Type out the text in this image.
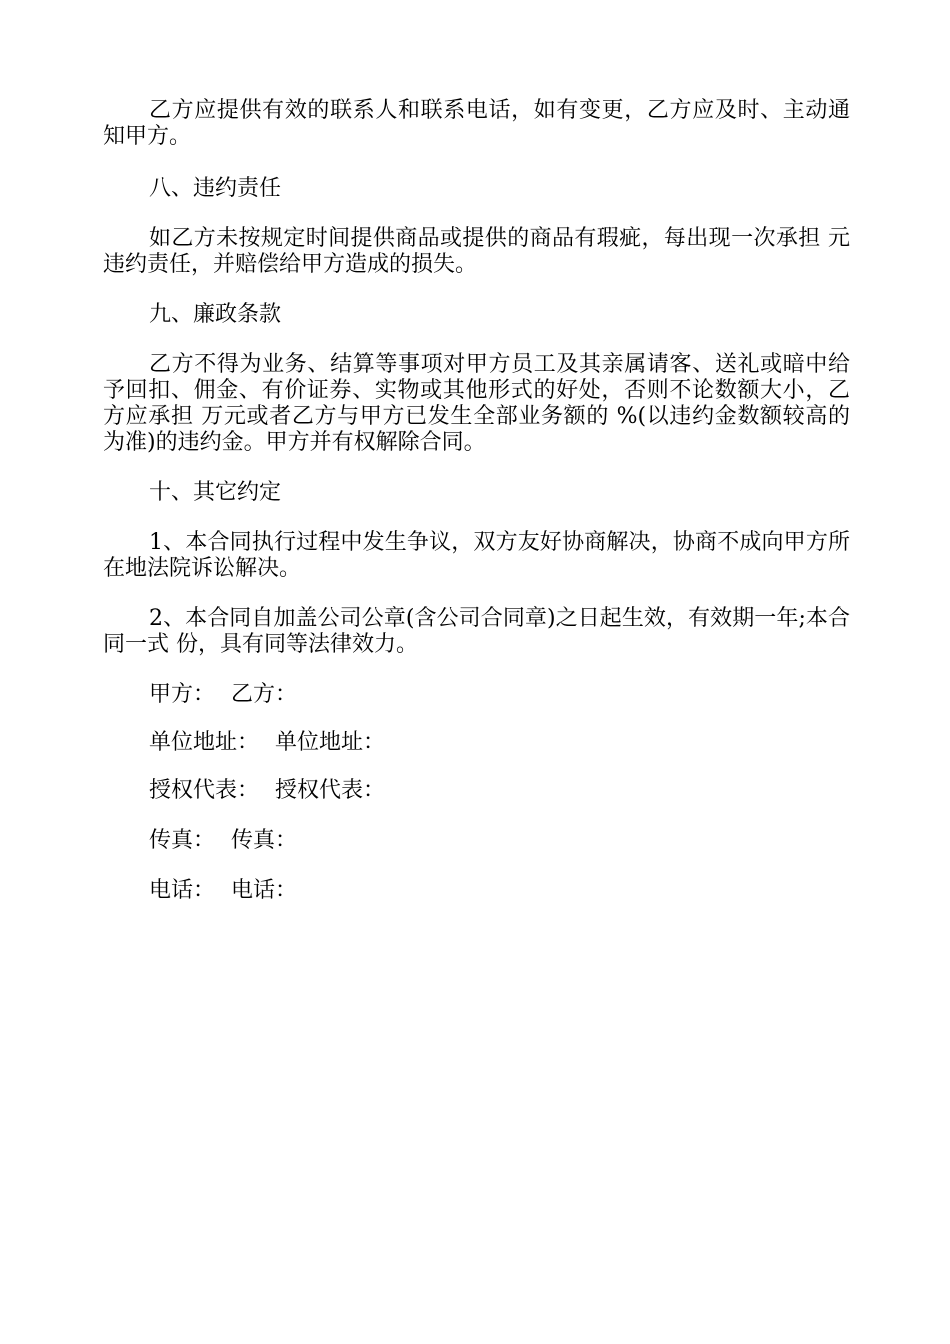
乙方应提供有效的联系人和联系电话，如有变更，乙方应及时、主动通知甲方。

八、违约责任

如乙方未按规定时间提供商品或提供的商品有瑕疵，每出现一次承担 元违约责任，并赔偿给甲方造成的损失。

九、廉政条款

乙方不得为业务、结算等事项对甲方员工及其亲属请客、送礼或暗中给予回扣、佣金、有价证券、实物或其他形式的好处，否则不论数额大小，乙方应承担 万元或者乙方与甲方已发生全部业务额的 %(以违约金数额较高的为准)的违约金。甲方并有权解除合同。

十、其它约定

1、本合同执行过程中发生争议，双方友好协商解决，协商不成向甲方所在地法院诉讼解决。

2、本合同自加盖公司公章(含公司合同章)之日起生效，有效期一年;本合同一式 份，具有同等法律效力。

甲方： 乙方：

单位地址： 单位地址：

授权代表： 授权代表：

传真： 传真：

电话： 电话：
